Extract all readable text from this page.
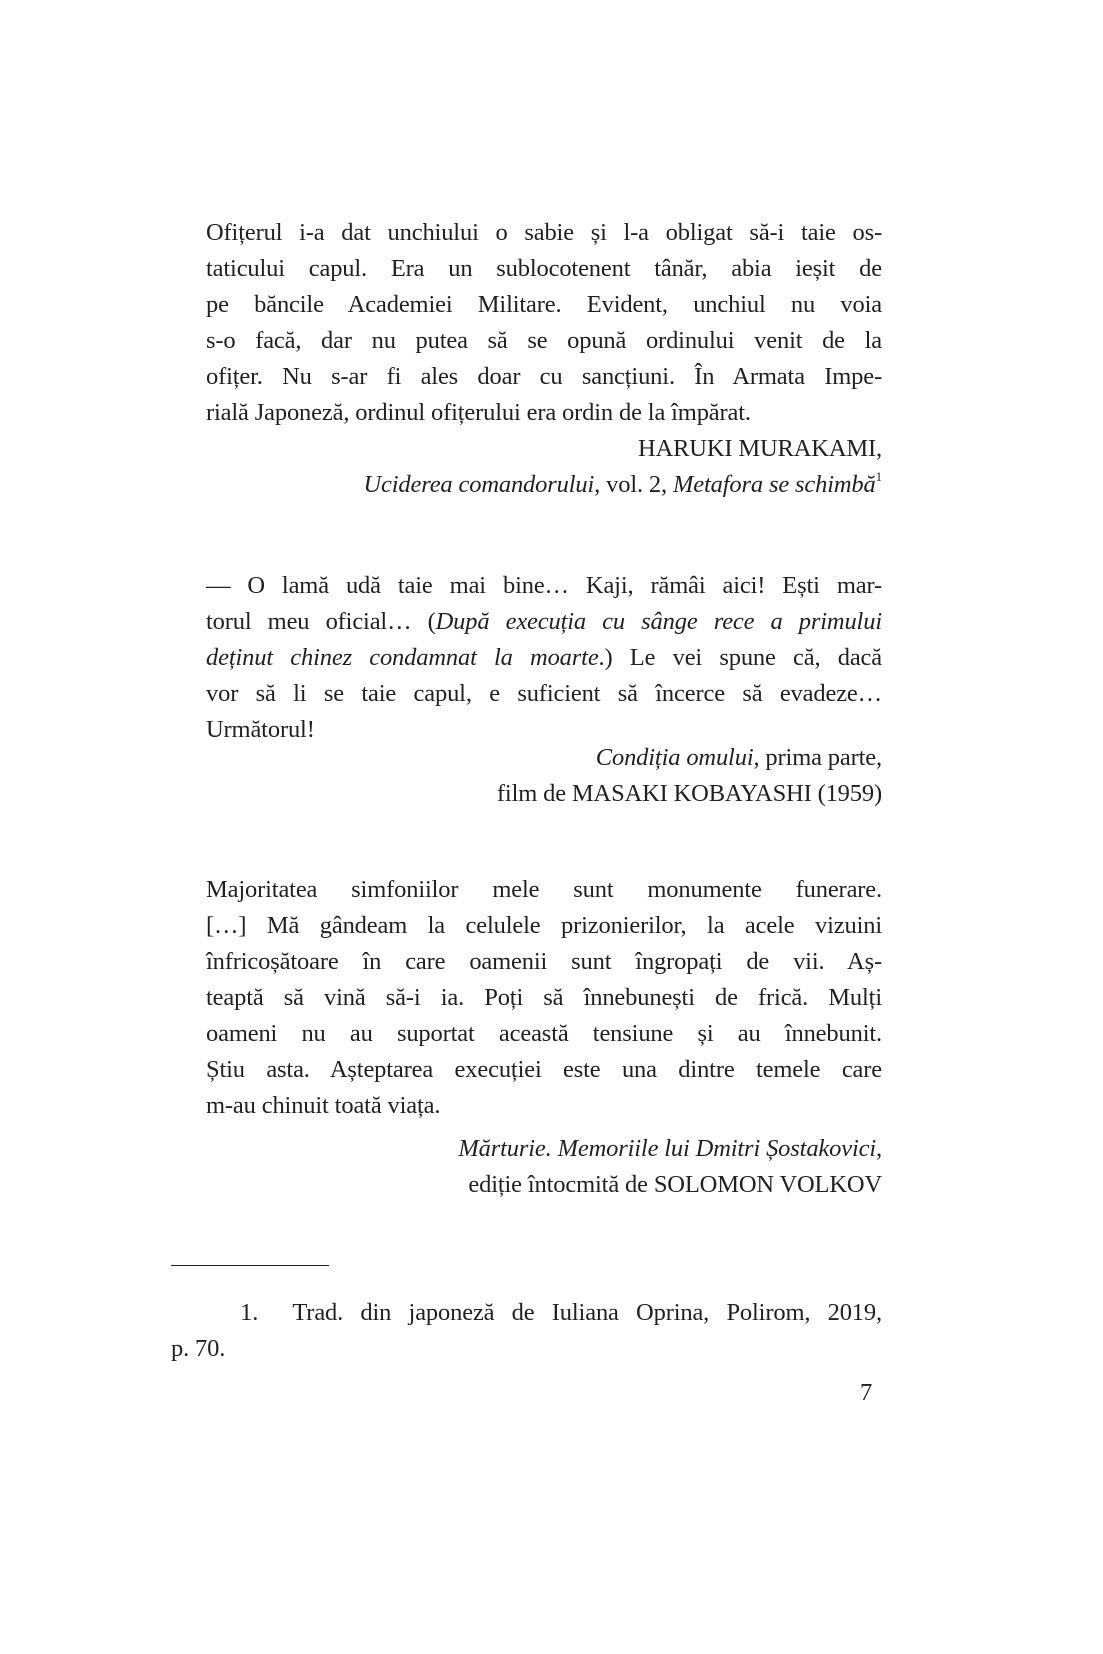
Ofițerul i-a dat unchiului o sabie și l-a obligat să-i taie os-
taticului capul. Era un sublocotenent tânăr, abia ieșit de
pe băncile Academiei Militare. Evident, unchiul nu voia
s-o facă, dar nu putea să se opună ordinului venit de la
ofițer. Nu s-ar fi ales doar cu sancțiuni. În Armata Impe-
rială Japoneză, ordinul ofițerului era ordin de la împărat.
HARUKI MURAKAMI,
Uciderea comandorului, vol. 2, Metafora se schimbă$^1$
— O lamă udă taie mai bine… Kaji, rămâi aici! Ești mar-
torul meu oficial… (După execuția cu sânge rece a primului
deținut chinez condamnat la moarte.) Le vei spune că, dacă
vor să li se taie capul, e suficient să încerce să evadeze…
Următorul!
Condiția omului, prima parte,
film de MASAKI KOBAYASHI (1959)
Majoritatea simfoniilor mele sunt monumente funerare.
[…] Mă gândeam la celulele prizonierilor, la acele vizuini
înfricoșătoare în care oamenii sunt îngropați de vii. Aș-
teaptă să vină să-i ia. Poți să înnebunești de frică. Mulți
oameni nu au suportat această tensiune și au înnebunit.
Știu asta. Așteptarea execuției este una dintre temele care
m-au chinuit toată viața.
Mărturie. Memoriile lui Dmitri Șostakovici,
ediție întocmită de SOLOMON VOLKOV
1.  Trad. din japoneză de Iuliana Oprina, Polirom, 2019,
p. 70.
7
